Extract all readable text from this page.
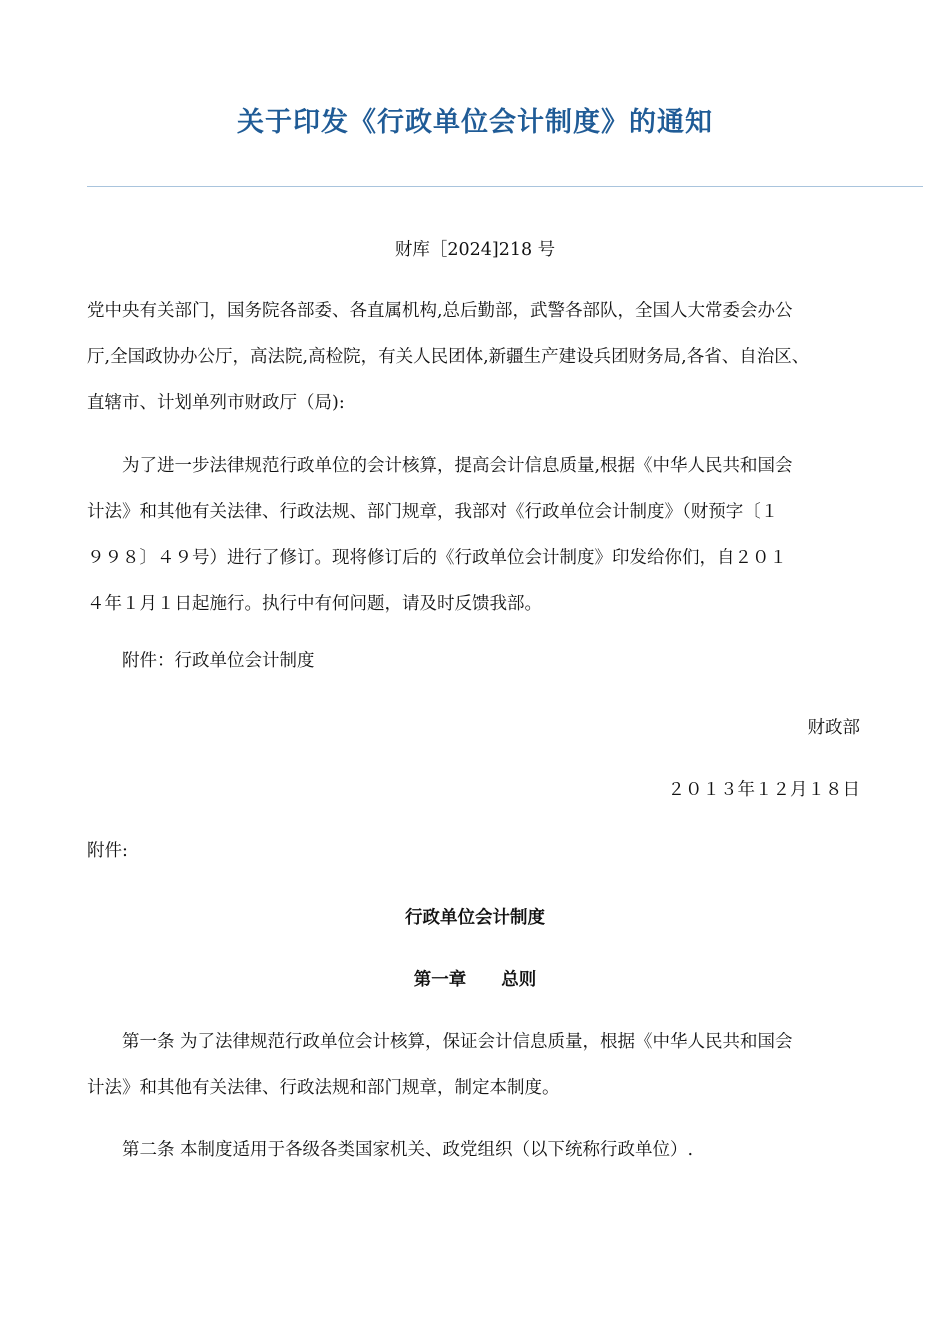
关于印发《行政单位会计制度》的通知
财库［2024]218 号
党中央有关部门，国务院各部委、各直属机构,总后勤部，武警各部队，全国人大常委会办公
厅,全国政协办公厅，高法院,高检院，有关人民团体,新疆生产建设兵团财务局,各省、自治区、
直辖市、计划单列市财政厅（局):
　　为了进一步法律规范行政单位的会计核算，提高会计信息质量,根据《中华人民共和国会
计法》和其他有关法律、行政法规、部门规章，我部对《行政单位会计制度》（财预字〔１
９９８〕４９号）进行了修订。现将修订后的《行政单位会计制度》印发给你们，自２０１
４年１月１日起施行。执行中有何问题，请及时反馈我部。
　　附件：行政单位会计制度
财政部
２０１３年１２月１８日
附件:
行政单位会计制度
第一章　　总则
　　第一条 为了法律规范行政单位会计核算，保证会计信息质量，根据《中华人民共和国会
计法》和其他有关法律、行政法规和部门规章，制定本制度。
　　第二条 本制度适用于各级各类国家机关、政党组织（以下统称行政单位）.
